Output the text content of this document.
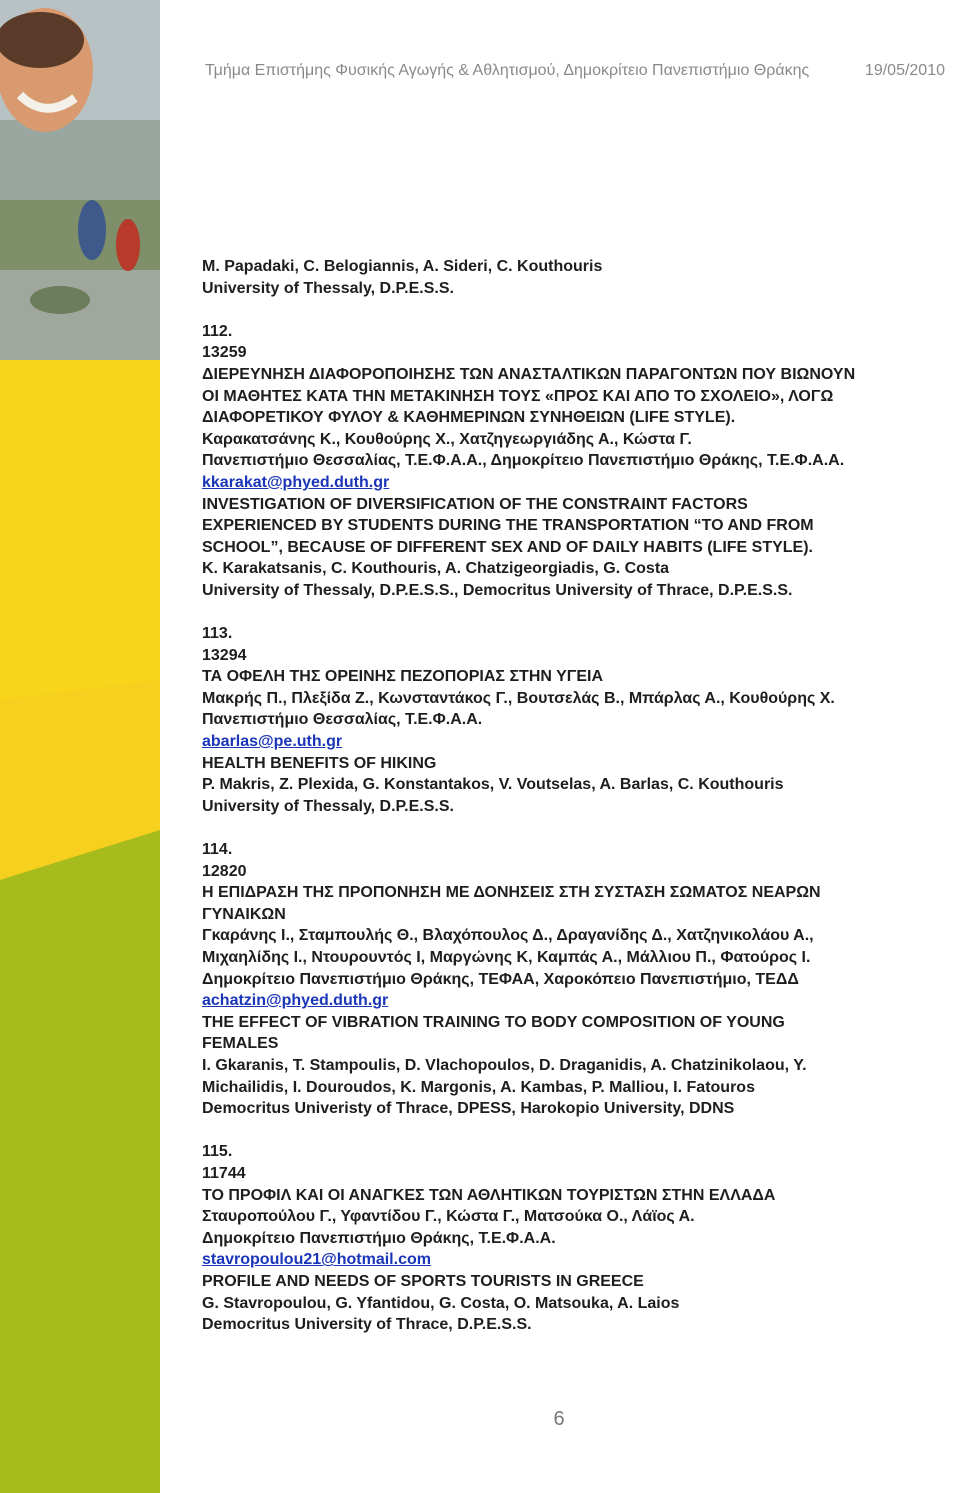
Τμήμα Επιστήμης Φυσικής Αγωγής & Αθλητισμού, Δημοκρίτειο Πανεπιστήμιο Θράκης	19/05/2010
M. Papadaki, C. Belogiannis, A. Sideri, C. Kouthouris
University of Thessaly, D.P.E.S.S.
112.
13259
ΔΙΕΡΕΥΝΗΣΗ ΔΙΑΦΟΡΟΠΟΙΗΣΗΣ ΤΩΝ ΑΝΑΣΤΑΛΤΙΚΩΝ ΠΑΡΑΓΟΝΤΩΝ ΠΟΥ ΒΙΩΝΟΥΝ
ΟΙ ΜΑΘΗΤΕΣ ΚΑΤΑ ΤΗΝ ΜΕΤΑΚΙΝΗΣΗ ΤΟΥΣ «ΠΡΟΣ ΚΑΙ ΑΠΟ ΤΟ ΣΧΟΛΕΙΟ», ΛΟΓΩ
ΔΙΑΦΟΡΕΤΙΚΟΥ ΦΥΛΟΥ & ΚΑΘΗΜΕΡΙΝΩΝ ΣΥΝΗΘΕΙΩΝ (LIFE STYLE).
Καρακατσάνης Κ., Κουθούρης Χ., Χατζηγεωργιάδης Α., Κώστα Γ.
Πανεπιστήμιο Θεσσαλίας, Τ.Ε.Φ.Α.Α., Δημοκρίτειο Πανεπιστήμιο Θράκης, Τ.Ε.Φ.Α.Α.
kkarakat@phyed.duth.gr
INVESTIGATION OF DIVERSIFICATION OF THE CONSTRAINT FACTORS
EXPERIENCED BY STUDENTS DURING THE TRANSPORTATION “TO AND FROM
SCHOOL”, BECAUSE OF DIFFERENT SEX AND OF DAILY HABITS (LIFE STYLE).
K. Karakatsanis, C. Kouthouris, A. Chatzigeorgiadis, G. Costa
University of Thessaly, D.P.E.S.S., Democritus University of Thrace, D.P.E.S.S.
113.
13294
ΤΑ ΟΦΕΛΗ ΤΗΣ ΟΡΕΙΝΗΣ ΠΕΖΟΠΟΡΙΑΣ ΣΤΗΝ ΥΓΕΙΑ
Μακρής Π., Πλεξίδα Ζ., Κωνσταντάκος Γ., Βουτσελάς Β., Μπάρλας Α., Κουθούρης Χ.
Πανεπιστήμιο Θεσσαλίας, Τ.Ε.Φ.Α.Α.
abarlas@pe.uth.gr
HEALTH BENEFITS OF HIKING
P. Makris, Z. Plexida, G. Konstantakos, V. Voutselas, A. Barlas, C. Kouthouris
University of Thessaly, D.P.E.S.S.
114.
12820
Η ΕΠΙΔΡΑΣΗ ΤΗΣ ΠΡΟΠΟΝΗΣΗ ΜΕ ΔΟΝΗΣΕΙΣ ΣΤΗ ΣΥΣΤΑΣΗ ΣΩΜΑΤΟΣ ΝΕΑΡΩΝ
ΓΥΝΑΙΚΩΝ
Γκαράνης Ι., Σταμπουλής Θ., Βλαχόπουλος Δ., Δραγανίδης Δ., Χατζηνικολάου Α.,
Μιχαηλίδης Ι., Ντουρουντός Ι, Μαργώνης Κ, Καμπάς Α., Μάλλιου Π., Φατούρος Ι.
Δημοκρίτειο Πανεπιστήμιο Θράκης, ΤΕΦΑΑ, Χαροκόπειο Πανεπιστήμιο, ΤΕΔΔ
achatzin@phyed.duth.gr
THE EFFECT OF VIBRATION TRAINING TO BODY COMPOSITION OF YOUNG
FEMALES
I. Gkaranis, T. Stampoulis, D. Vlachopoulos, D. Draganidis, A. Chatzinikolaou, Y.
Michailidis, I. Douroudos, K. Margonis, A. Kambas, P. Malliou, I. Fatouros
Democritus Univeristy of Thrace, DPESS, Harokopio University, DDNS
115.
11744
ΤΟ ΠΡΟΦΙΛ ΚΑΙ ΟΙ ΑΝΑΓΚΕΣ ΤΩΝ ΑΘΛΗΤΙΚΩΝ ΤΟΥΡΙΣΤΩΝ ΣΤΗΝ ΕΛΛΑΔΑ
Σταυροπούλου Γ., Υφαντίδου Γ., Κώστα Γ., Ματσούκα Ο., Λάϊος Α.
Δημοκρίτειο Πανεπιστήμιο Θράκης, Τ.Ε.Φ.Α.Α.
stavropoulou21@hotmail.com
PROFILE AND NEEDS OF SPORTS TOURISTS IN GREECE
G. Stavropoulou, G. Yfantidou, G. Costa, O. Matsouka, A. Laios
Democritus University of Thrace, D.P.E.S.S.
6
